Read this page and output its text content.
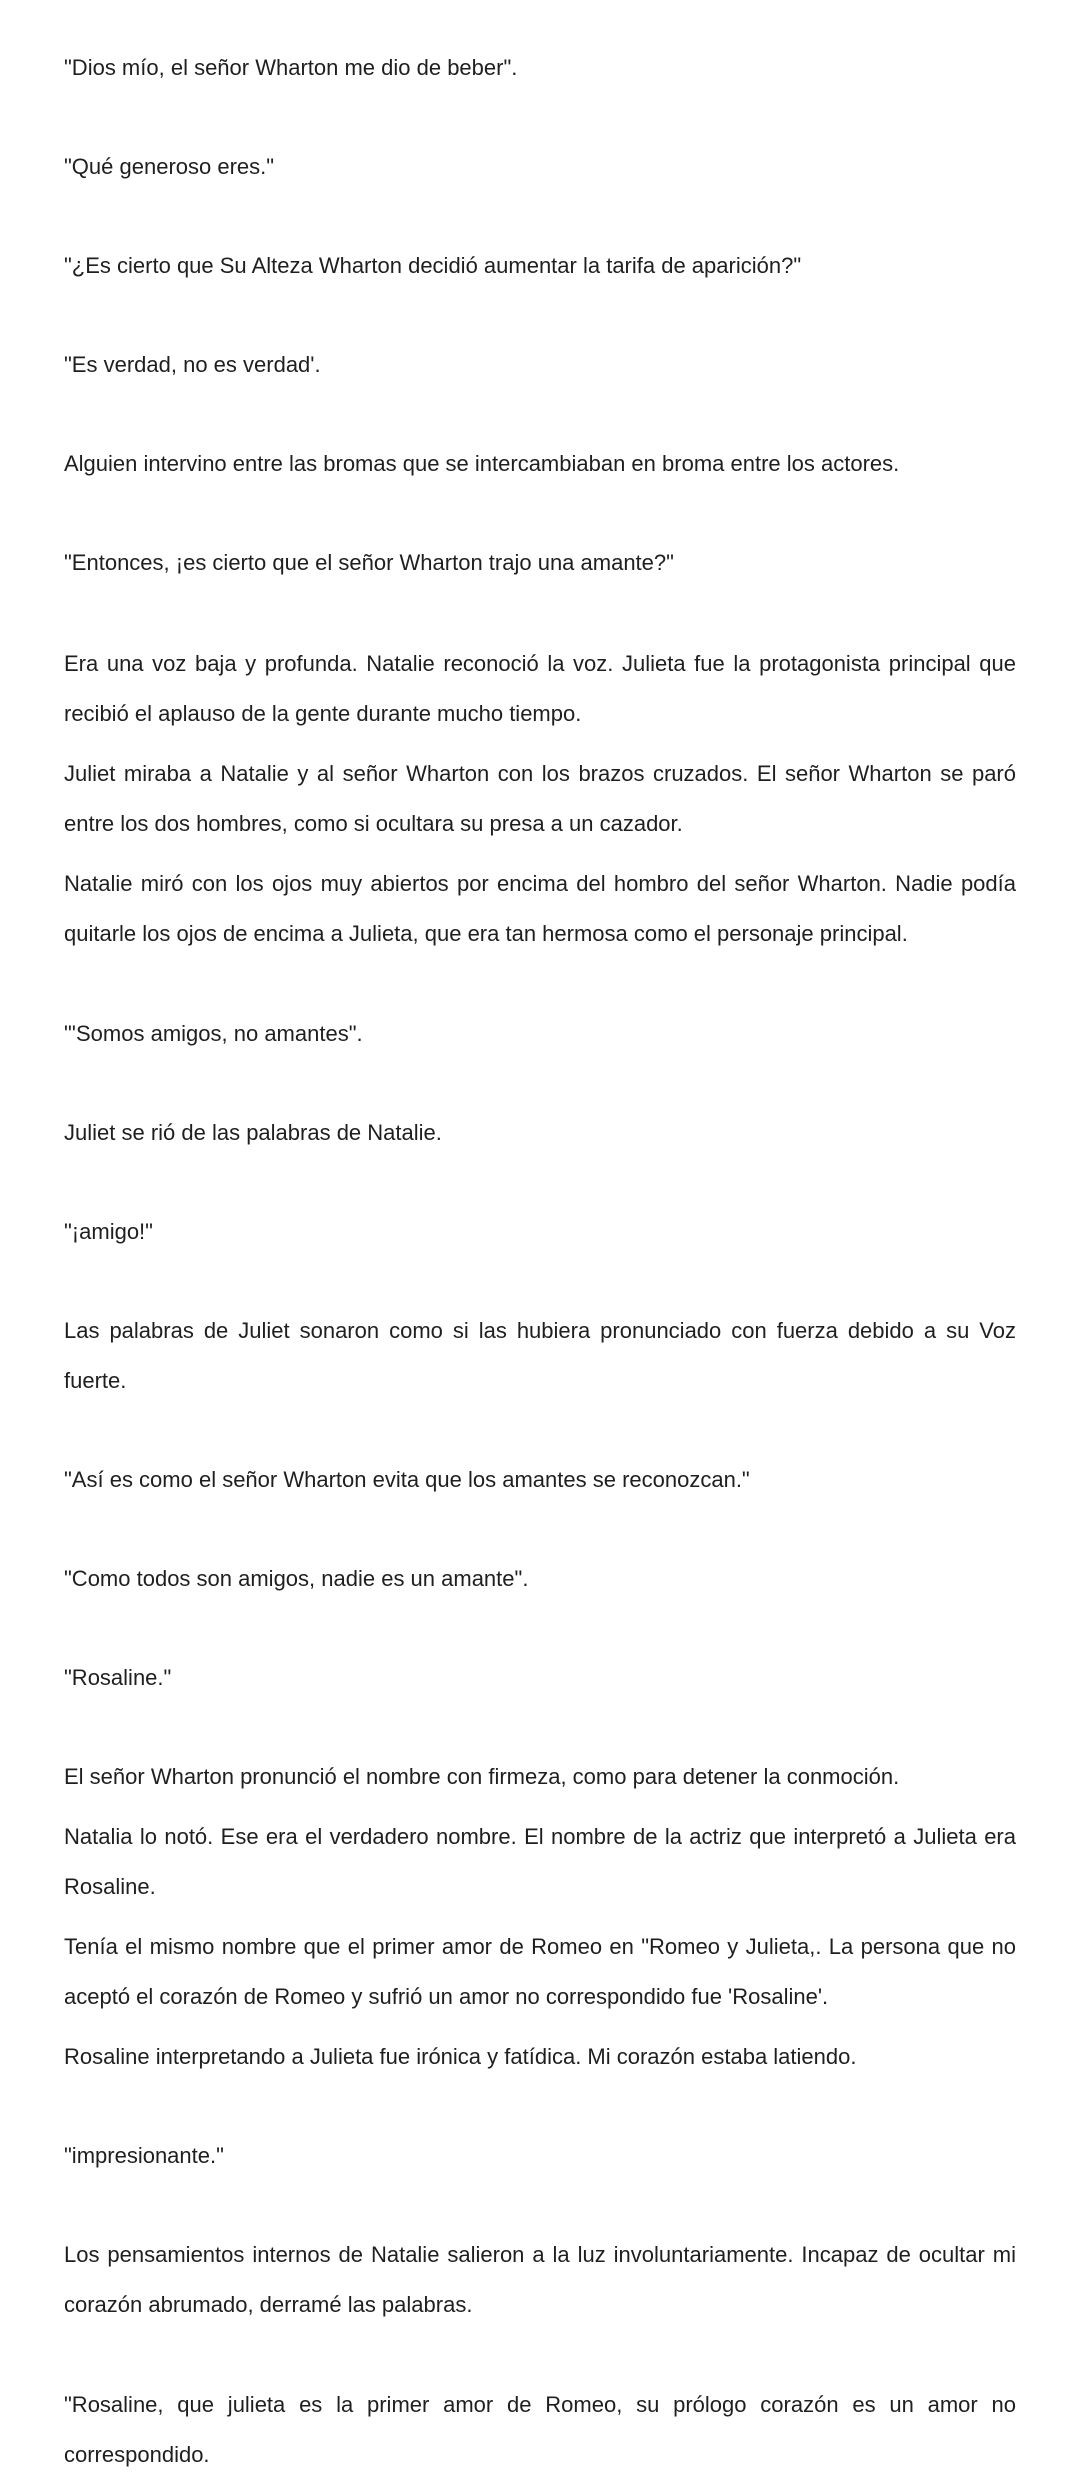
"Dios mío, el señor Wharton me dio de beber".

"Qué generoso eres."

"¿Es cierto que Su Alteza Wharton decidió aumentar la tarifa de aparición?"

"Es verdad, no es verdad'.

Alguien intervino entre las bromas que se intercambiaban en broma entre los actores.

"Entonces, ¡es cierto que el señor Wharton trajo una amante?"

Era una voz baja y profunda. Natalie reconoció la voz. Julieta fue la protagonista principal que recibió el aplauso de la gente durante mucho tiempo.

Juliet miraba a Natalie y al señor Wharton con los brazos cruzados. El señor Wharton se paró entre los dos hombres, como si ocultara su presa a un cazador.

Natalie miró con los ojos muy abiertos por encima del hombro del señor Wharton. Nadie podía quitarle los ojos de encima a Julieta, que era tan hermosa como el personaje principal.

"'Somos amigos, no amantes".

Juliet se rió de las palabras de Natalie.

"¡amigo!"

Las palabras de Juliet sonaron como si las hubiera pronunciado con fuerza debido a su Voz fuerte.

"Así es como el señor Wharton evita que los amantes se reconozcan."

"Como todos son amigos, nadie es un amante".

"Rosaline."

El señor Wharton pronunció el nombre con firmeza, como para detener la conmoción.

Natalia lo notó. Ese era el verdadero nombre. El nombre de la actriz que interpretó a Julieta era Rosaline.

Tenía el mismo nombre que el primer amor de Romeo en "Romeo y Julieta,. La persona que no aceptó el corazón de Romeo y sufrió un amor no correspondido fue 'Rosaline'.

Rosaline interpretando a Julieta fue irónica y fatídica. Mi corazón estaba latiendo.

"impresionante."

Los pensamientos internos de Natalie salieron a la luz involuntariamente. Incapaz de ocultar mi corazón abrumado, derramé las palabras.

"Rosaline, que julieta es la primer amor de Romeo, su prólogo corazón es un amor no correspondido.
